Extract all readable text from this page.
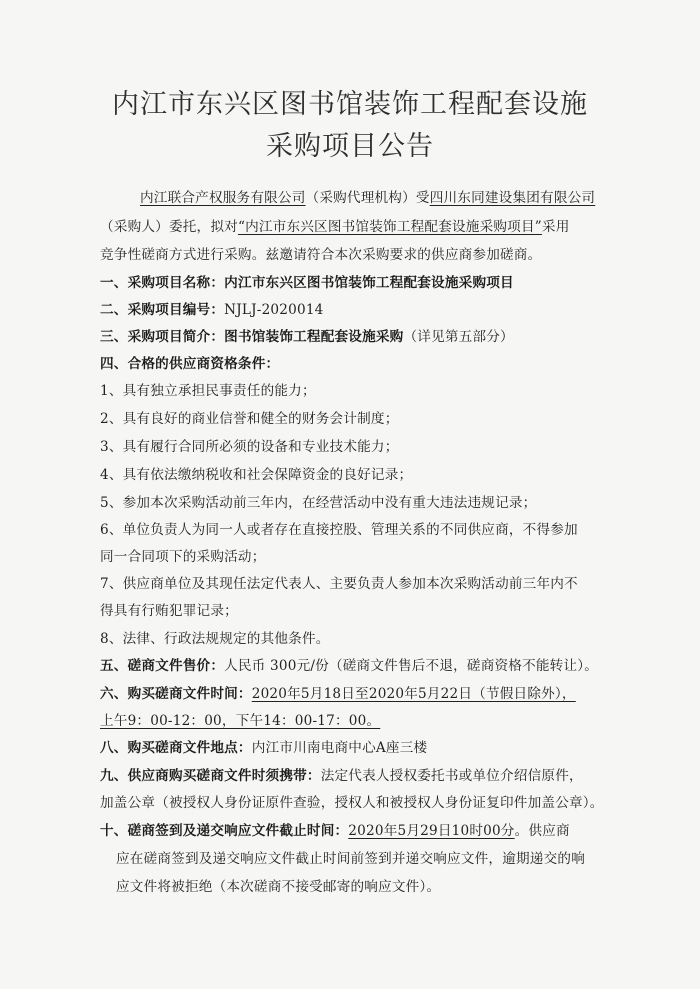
内江市东兴区图书馆装饰工程配套设施
采购项目公告
内江联合产权服务有限公司（采购代理机构）受四川东同建设集团有限公司
（采购人）委托，拟对“内江市东兴区图书馆装饰工程配套设施采购项目”采用
竞争性磋商方式进行采购。兹邀请符合本次采购要求的供应商参加磋商。
一、采购项目名称：内江市东兴区图书馆装饰工程配套设施采购项目
二、采购项目编号：NJLJ-2020014
三、采购项目简介：图书馆装饰工程配套设施采购（详见第五部分）
四、合格的供应商资格条件：
1、具有独立承担民事责任的能力；
2、具有良好的商业信誉和健全的财务会计制度；
3、具有履行合同所必须的设备和专业技术能力；
4、具有依法缴纳税收和社会保障资金的良好记录；
5、参加本次采购活动前三年内，在经营活动中没有重大违法违规记录；
6、单位负责人为同一人或者存在直接控股、管理关系的不同供应商，不得参加
同一合同项下的采购活动；
7、供应商单位及其现任法定代表人、主要负责人参加本次采购活动前三年内不
得具有行贿犯罪记录；
8、法律、行政法规规定的其他条件。
五、磋商文件售价：人民币 300元/份（磋商文件售后不退，磋商资格不能转让）。
六、购买磋商文件时间：2020年5月18日至2020年5月22日（节假日除外），
上午9：00-12：00，下午14：00-17：00。
八、购买磋商文件地点：内江市川南电商中心A座三楼
九、供应商购买磋商文件时须携带：法定代表人授权委托书或单位介绍信原件，
加盖公章（被授权人身份证原件查验，授权人和被授权人身份证复印件加盖公章）。
十、磋商签到及递交响应文件截止时间：2020年5月29日10时00分。供应商
应在磋商签到及递交响应文件截止时间前签到并递交响应文件，逾期递交的响
应文件将被拒绝（本次磋商不接受邮寄的响应文件）。
